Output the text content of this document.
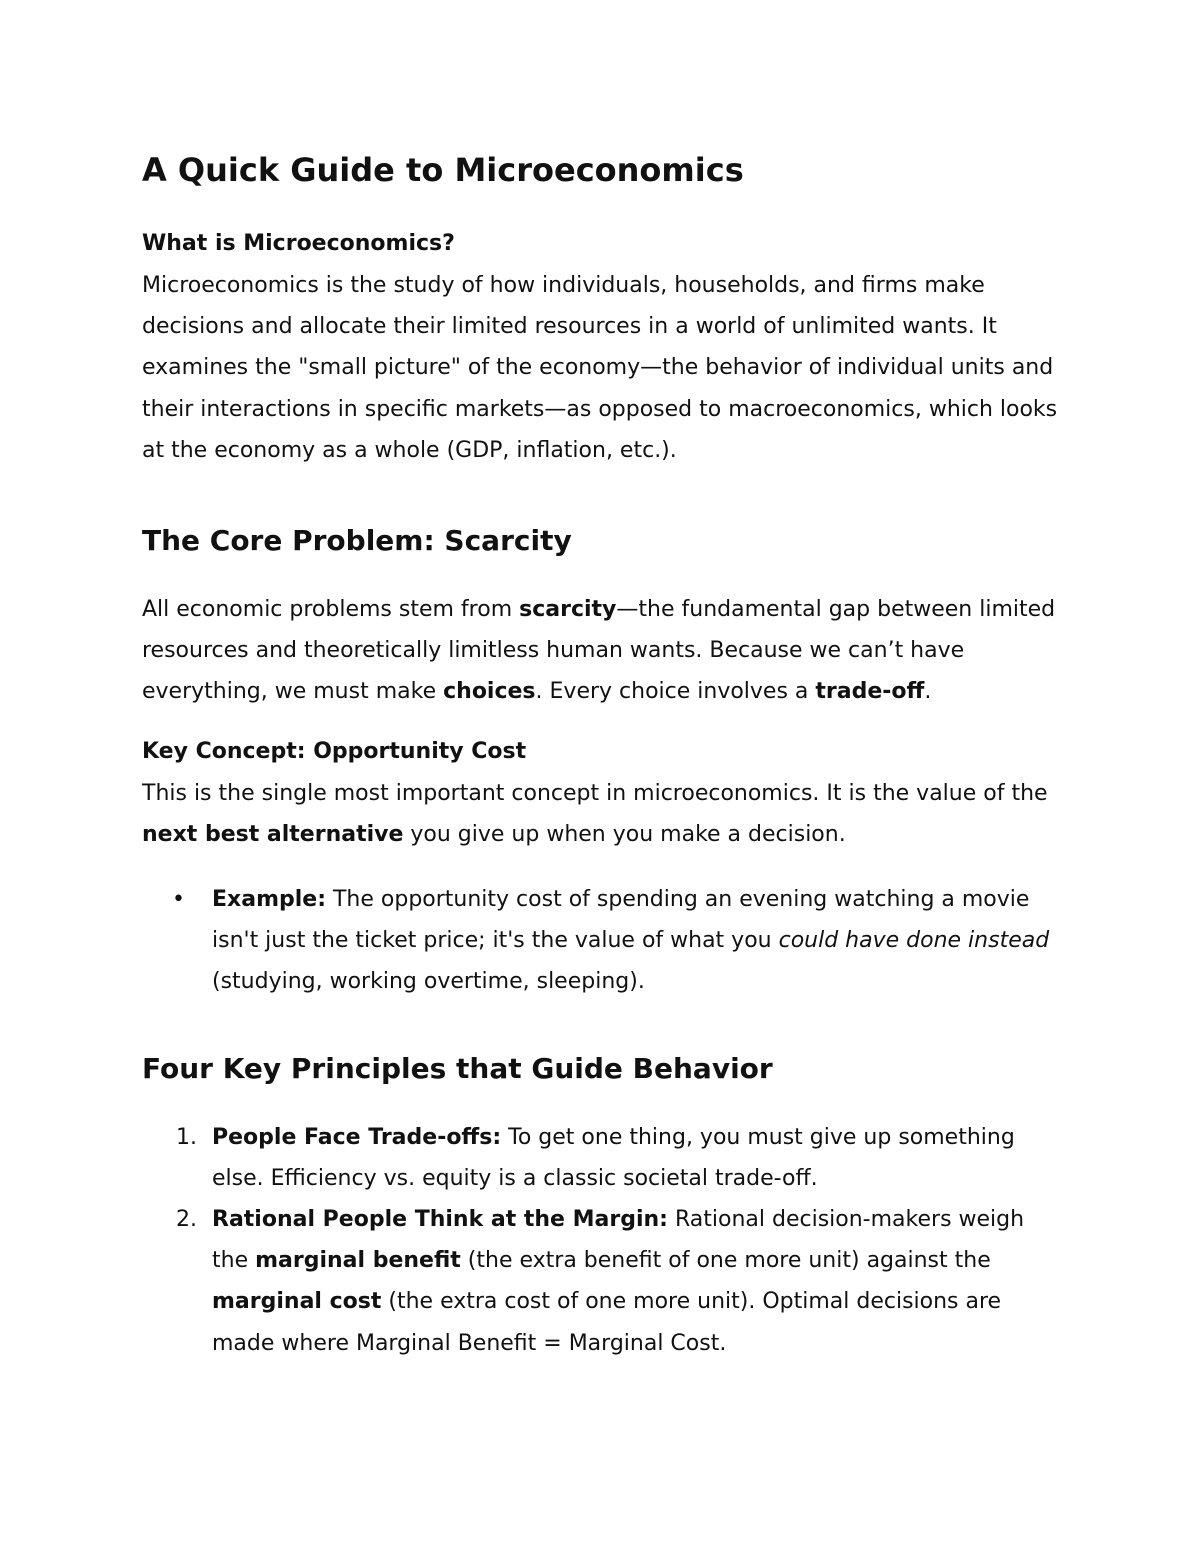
A Quick Guide to Microeconomics

What is Microeconomics?

Microeconomics is the study of how individuals, households, and firms make decisions and allocate their limited resources in a world of unlimited wants. It examines the "small picture" of the economy—the behavior of individual units and their interactions in specific markets—as opposed to macroeconomics, which looks at the economy as a whole (GDP, inflation, etc.).

The Core Problem: Scarcity

All economic problems stem from scarcity—the fundamental gap between limited resources and theoretically limitless human wants. Because we can’t have everything, we must make choices. Every choice involves a trade-off.

Key Concept: Opportunity Cost

This is the single most important concept in microeconomics. It is the value of the next best alternative you give up when you make a decision.

• Example: The opportunity cost of spending an evening watching a movie isn't just the ticket price; it's the value of what you could have done instead (studying, working overtime, sleeping).
Four Key Principles that Guide Behavior
1. People Face Trade-offs: To get one thing, you must give up something else. Efficiency vs. equity is a classic societal trade-off.
2. Rational People Think at the Margin: Rational decision-makers weigh the marginal benefit (the extra benefit of one more unit) against the marginal cost (the extra cost of one more unit). Optimal decisions are made where Marginal Benefit = Marginal Cost.
